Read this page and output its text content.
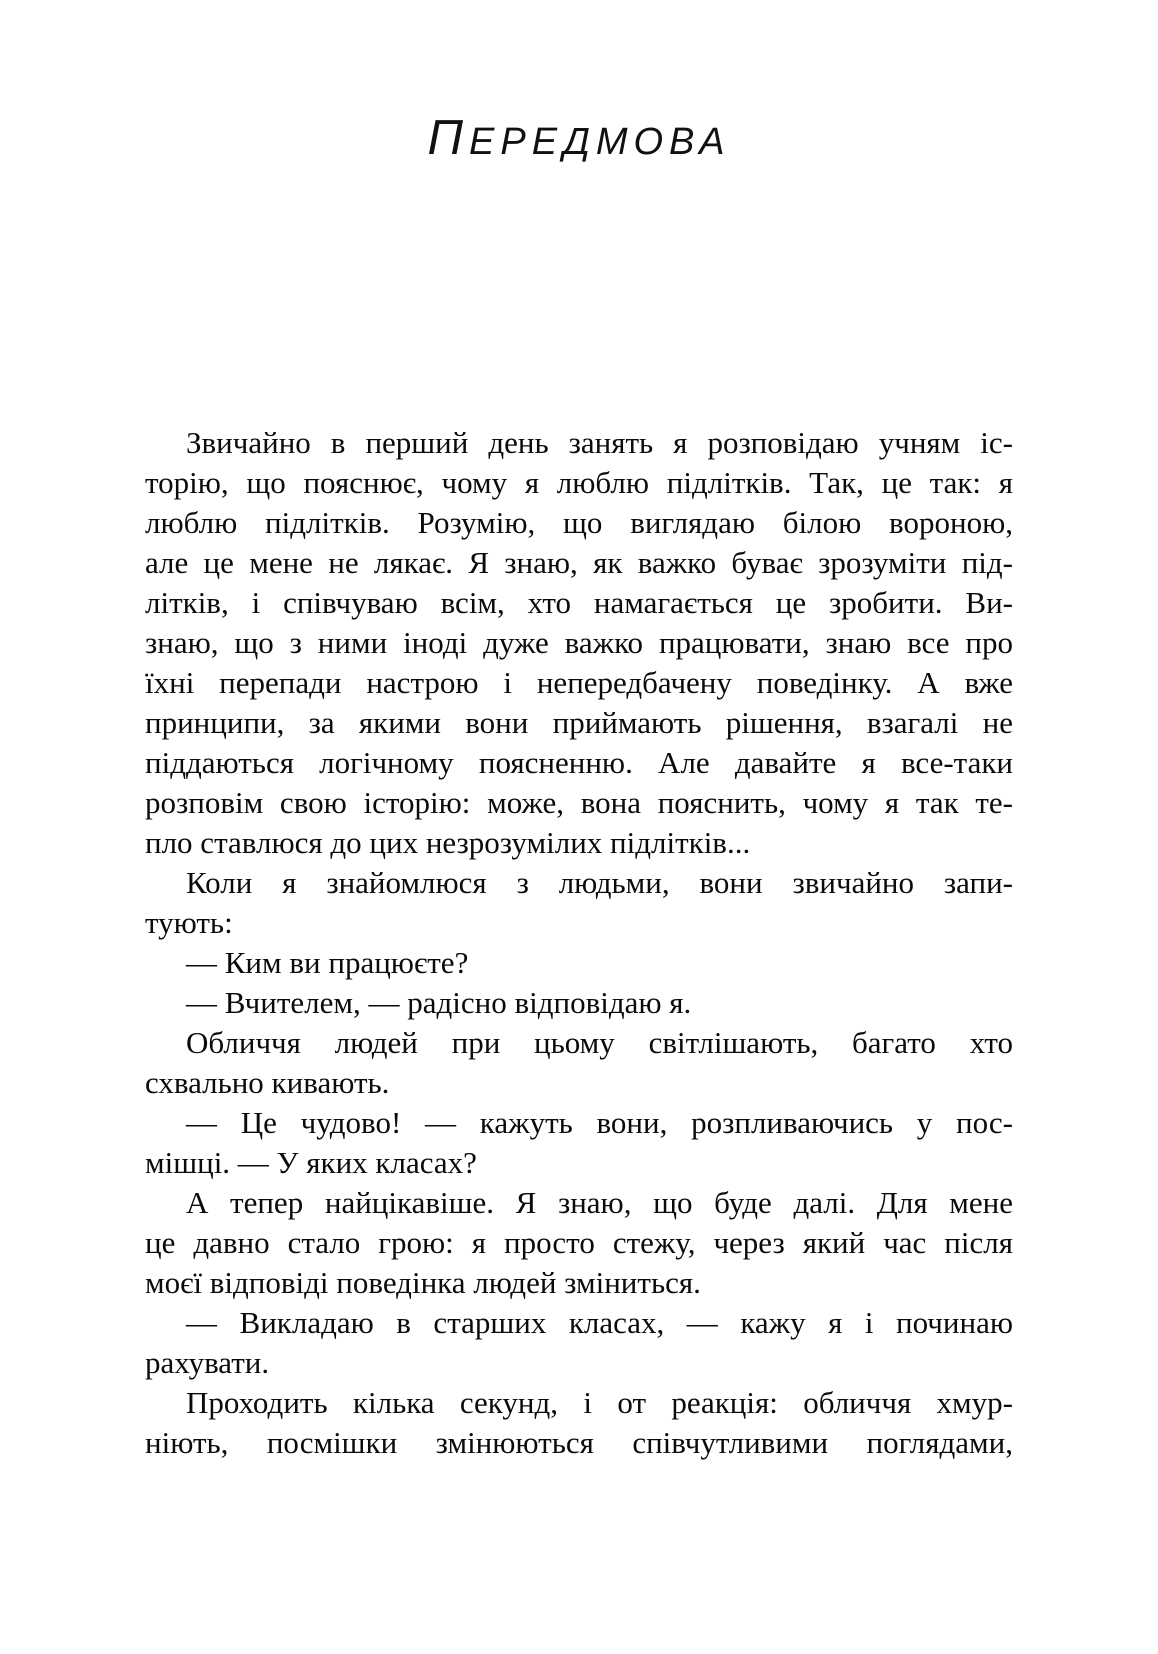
ПЕРЕДМОВА
Звичайно в перший день занять я розповідаю учням іс-
торію, що пояснює, чому я люблю підлітків. Так, це так: я
люблю підлітків. Розумію, що виглядаю білою вороною,
але це мене не лякає. Я знаю, як важко буває зрозуміти під-
літків, і співчуваю всім, хто намагається це зробити. Ви-
знаю, що з ними іноді дуже важко працювати, знаю все про
їхні перепади настрою і непередбачену поведінку. А вже
принципи, за якими вони приймають рішення, взагалі не
піддаються логічному поясненню. Але давайте я все-таки
розповім свою історію: може, вона пояснить, чому я так те-
пло ставлюся до цих незрозумілих підлітків...
Коли я знайомлюся з людьми, вони звичайно запи-
тують:
— Ким ви працюєте?
— Вчителем, — радісно відповідаю я.
Обличчя людей при цьому світлішають, багато хто
схвально кивають.
— Це чудово! — кажуть вони, розпливаючись у пос-
мішці. — У яких класах?
А тепер найцікавіше. Я знаю, що буде далі. Для мене
це давно стало грою: я просто стежу, через який час після
моєї відповіді поведінка людей зміниться.
— Викладаю в старших класах, — кажу я і починаю
рахувати.
Проходить кілька секунд, і от реакція: обличчя хмур-
ніють, посмішки змінюються співчутливими поглядами,
